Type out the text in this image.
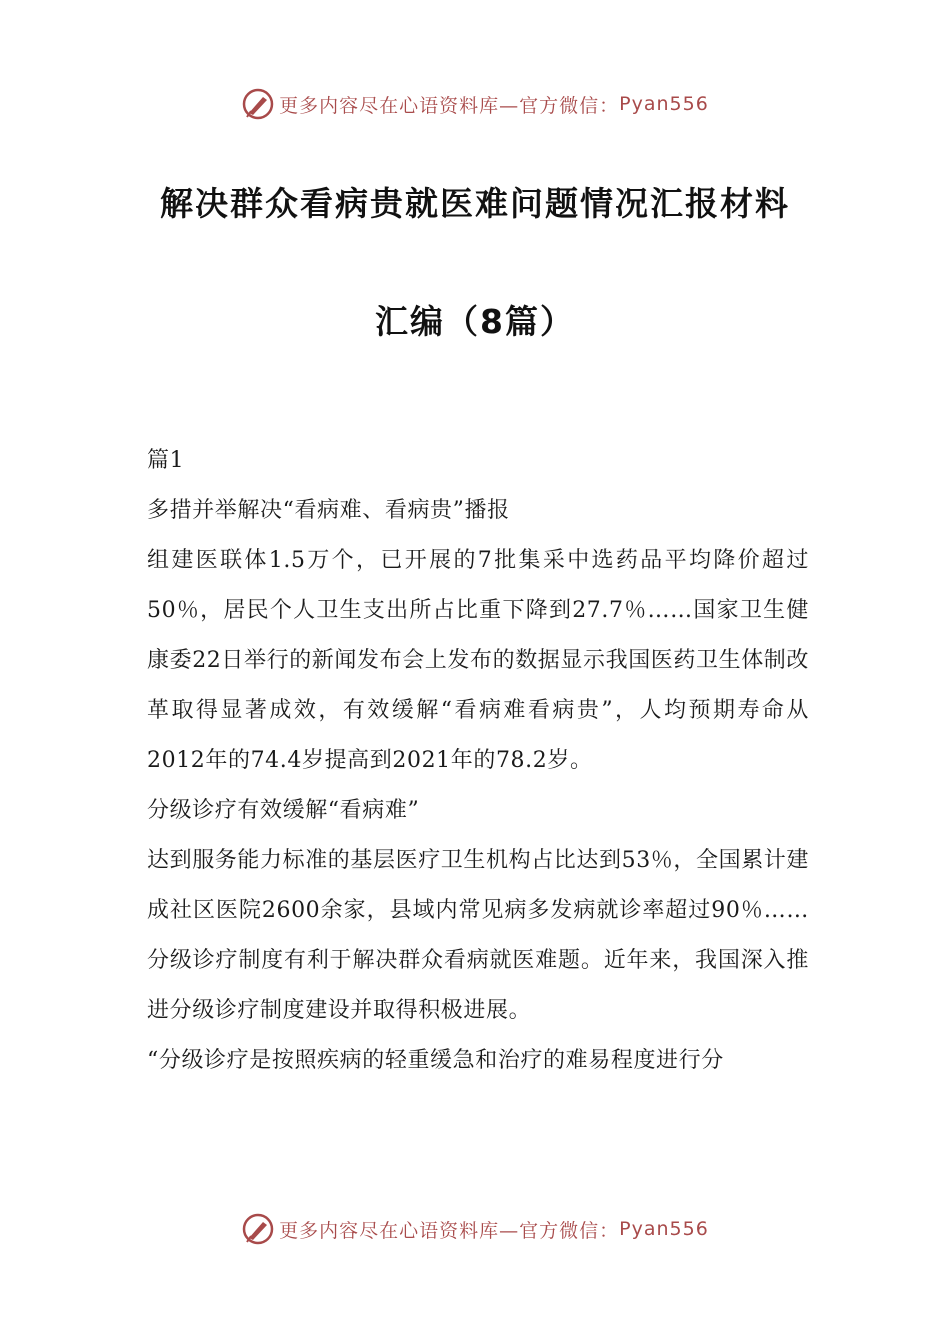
更多内容尽在心语资料库—官方微信： Pyan556
解决群众看病贵就医难问题情况汇报材料
汇编（8篇）

篇1

多措并举解决“看病难、看病贵”播报

组建医联体1.5万个，已开展的7批集采中选药品平均降价超过50％，居民个人卫生支出所占比重下降到27.7％……国家卫生健康委22日举行的新闻发布会上发布的数据显示我国医药卫生体制改革取得显著成效，有效缓解“看病难看病贵”，人均预期寿命从2012年的74.4岁提高到2021年的78.2岁。

分级诊疗有效缓解“看病难”

达到服务能力标准的基层医疗卫生机构占比达到53％，全国累计建成社区医院2600余家，县域内常见病多发病就诊率超过90％……分级诊疗制度有利于解决群众看病就医难题。近年来，我国深入推进分级诊疗制度建设并取得积极进展。

“分级诊疗是按照疾病的轻重缓急和治疗的难易程度进行分

更多内容尽在心语资料库—官方微信： Pyan556
